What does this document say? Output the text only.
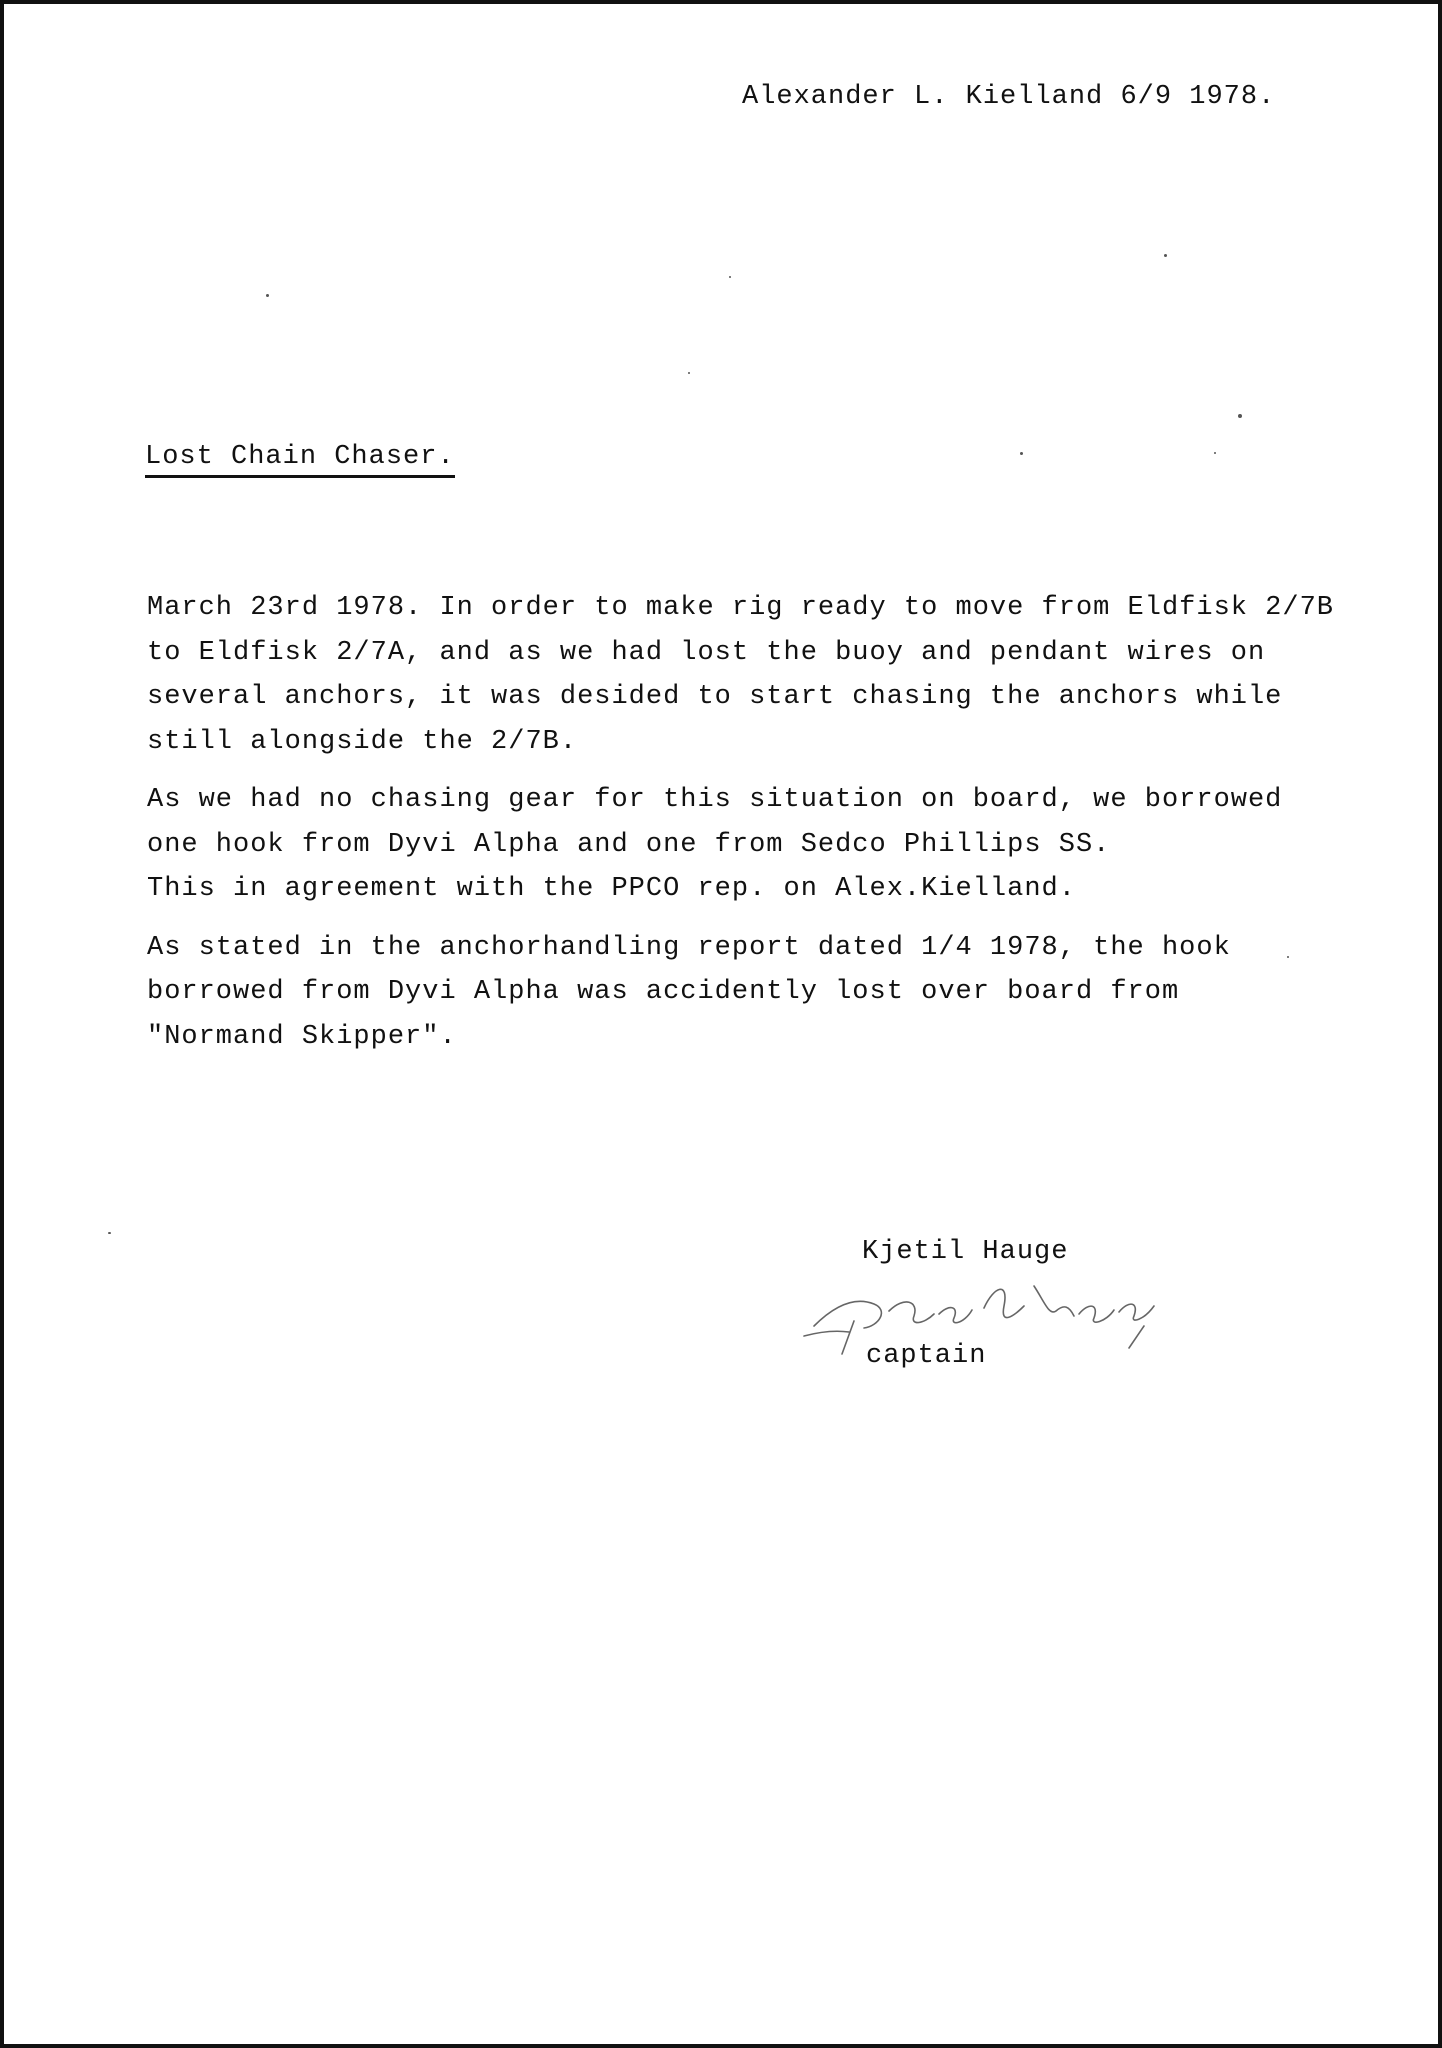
Alexander L. Kielland 6/9 1978.
Lost Chain Chaser.
March 23rd 1978. In order to make rig ready to move from Eldfisk 2/7B
to Eldfisk 2/7A, and as we had lost the buoy and pendant wires on
several anchors, it was desided to start chasing the anchors while
still alongside the 2/7B.
As we had no chasing gear for this situation on board, we borrowed
one hook from Dyvi Alpha and one from Sedco Phillips SS.
This in agreement with the PPCO rep. on Alex.Kielland.
As stated in the anchorhandling report dated 1/4 1978, the hook
borrowed from Dyvi Alpha was accidently lost over board from
"Normand Skipper".
Kjetil Hauge
captain
